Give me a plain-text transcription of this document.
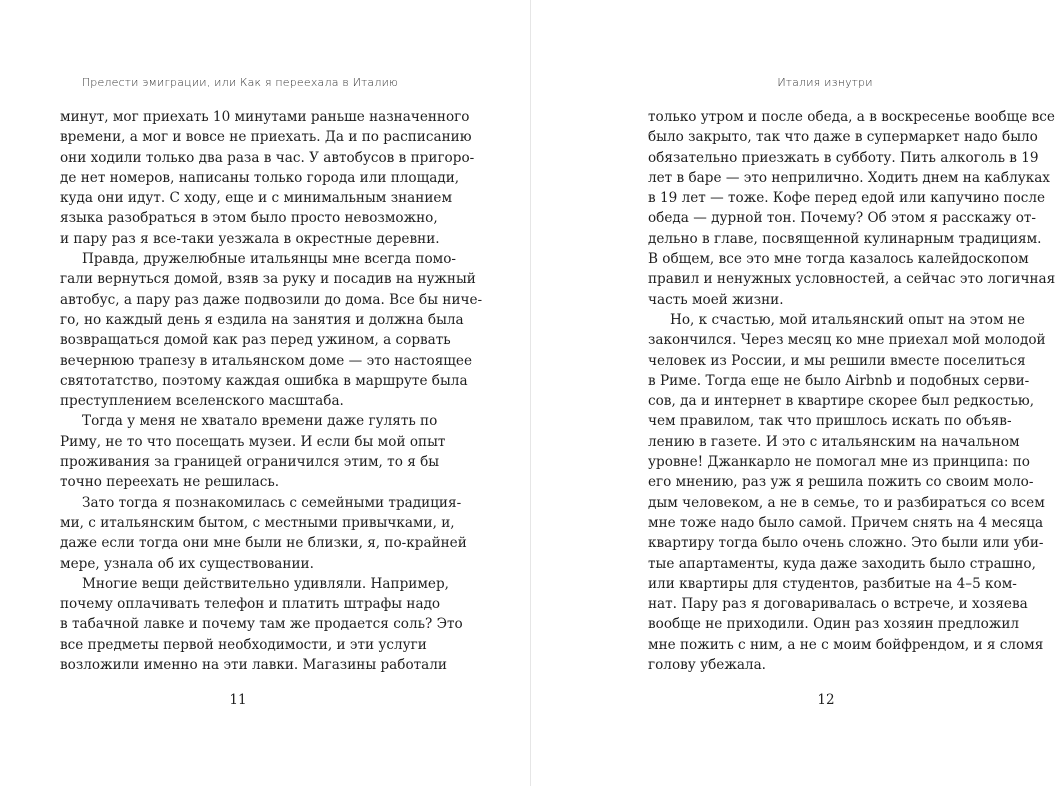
Прелести эмиграции, или Как я переехала в Италию
минут, мог приехать 10 минутами раньше назначенного
времени, а мог и вовсе не приехать. Да и по расписанию
они ходили только два раза в час. У автобусов в пригоро-
де нет номеров, написаны только города или площади,
куда они идут. С ходу, еще и с минимальным знанием
языка разобраться в этом было просто невозможно,
и пару раз я все-таки уезжала в окрестные деревни.
Правда, дружелюбные итальянцы мне всегда помо-
гали вернуться домой, взяв за руку и посадив на нужный
автобус, а пару раз даже подвозили до дома. Все бы ниче-
го, но каждый день я ездила на занятия и должна была
возвращаться домой как раз перед ужином, а сорвать
вечернюю трапезу в итальянском доме — это настоящее
святотатство, поэтому каждая ошибка в маршруте была
преступлением вселенского масштаба.
Тогда у меня не хватало времени даже гулять по
Риму, не то что посещать музеи. И если бы мой опыт
проживания за границей ограничился этим, то я бы
точно переехать не решилась.
Зато тогда я познакомилась с семейными традиция-
ми, с итальянским бытом, с местными привычками, и,
даже если тогда они мне были не близки, я, по-крайней
мере, узнала об их существовании.
Многие вещи действительно удивляли. Например,
почему оплачивать телефон и платить штрафы надо
в табачной лавке и почему там же продается соль? Это
все предметы первой необходимости, и эти услуги
возложили именно на эти лавки. Магазины работали
11
Италия изнутри
только утром и после обеда, а в воскресенье вообще все
было закрыто, так что даже в супермаркет надо было
обязательно приезжать в субботу. Пить алкоголь в 19
лет в баре — это неприлично. Ходить днем на каблуках
в 19 лет — тоже. Кофе перед едой или капучино после
обеда — дурной тон. Почему? Об этом я расскажу от-
дельно в главе, посвященной кулинарным традициям.
В общем, все это мне тогда казалось калейдоскопом
правил и ненужных условностей, а сейчас это логичная
часть моей жизни.
Но, к счастью, мой итальянский опыт на этом не
закончился. Через месяц ко мне приехал мой молодой
человек из России, и мы решили вместе поселиться
в Риме. Тогда еще не было Airbnb и подобных серви-
сов, да и интернет в квартире скорее был редкостью,
чем правилом, так что пришлось искать по объяв-
лению в газете. И это с итальянским на начальном
уровне! Джанкарло не помогал мне из принципа: по
его мнению, раз уж я решила пожить со своим моло-
дым человеком, а не в семье, то и разбираться со всем
мне тоже надо было самой. Причем снять на 4 месяца
квартиру тогда было очень сложно. Это были или уби-
тые апартаменты, куда даже заходить было страшно,
или квартиры для студентов, разбитые на 4–5 ком-
нат. Пару раз я договаривалась о встрече, и хозяева
вообще не приходили. Один раз хозяин предложил
мне пожить с ним, а не с моим бойфрендом, и я сломя
голову убежала.
12
